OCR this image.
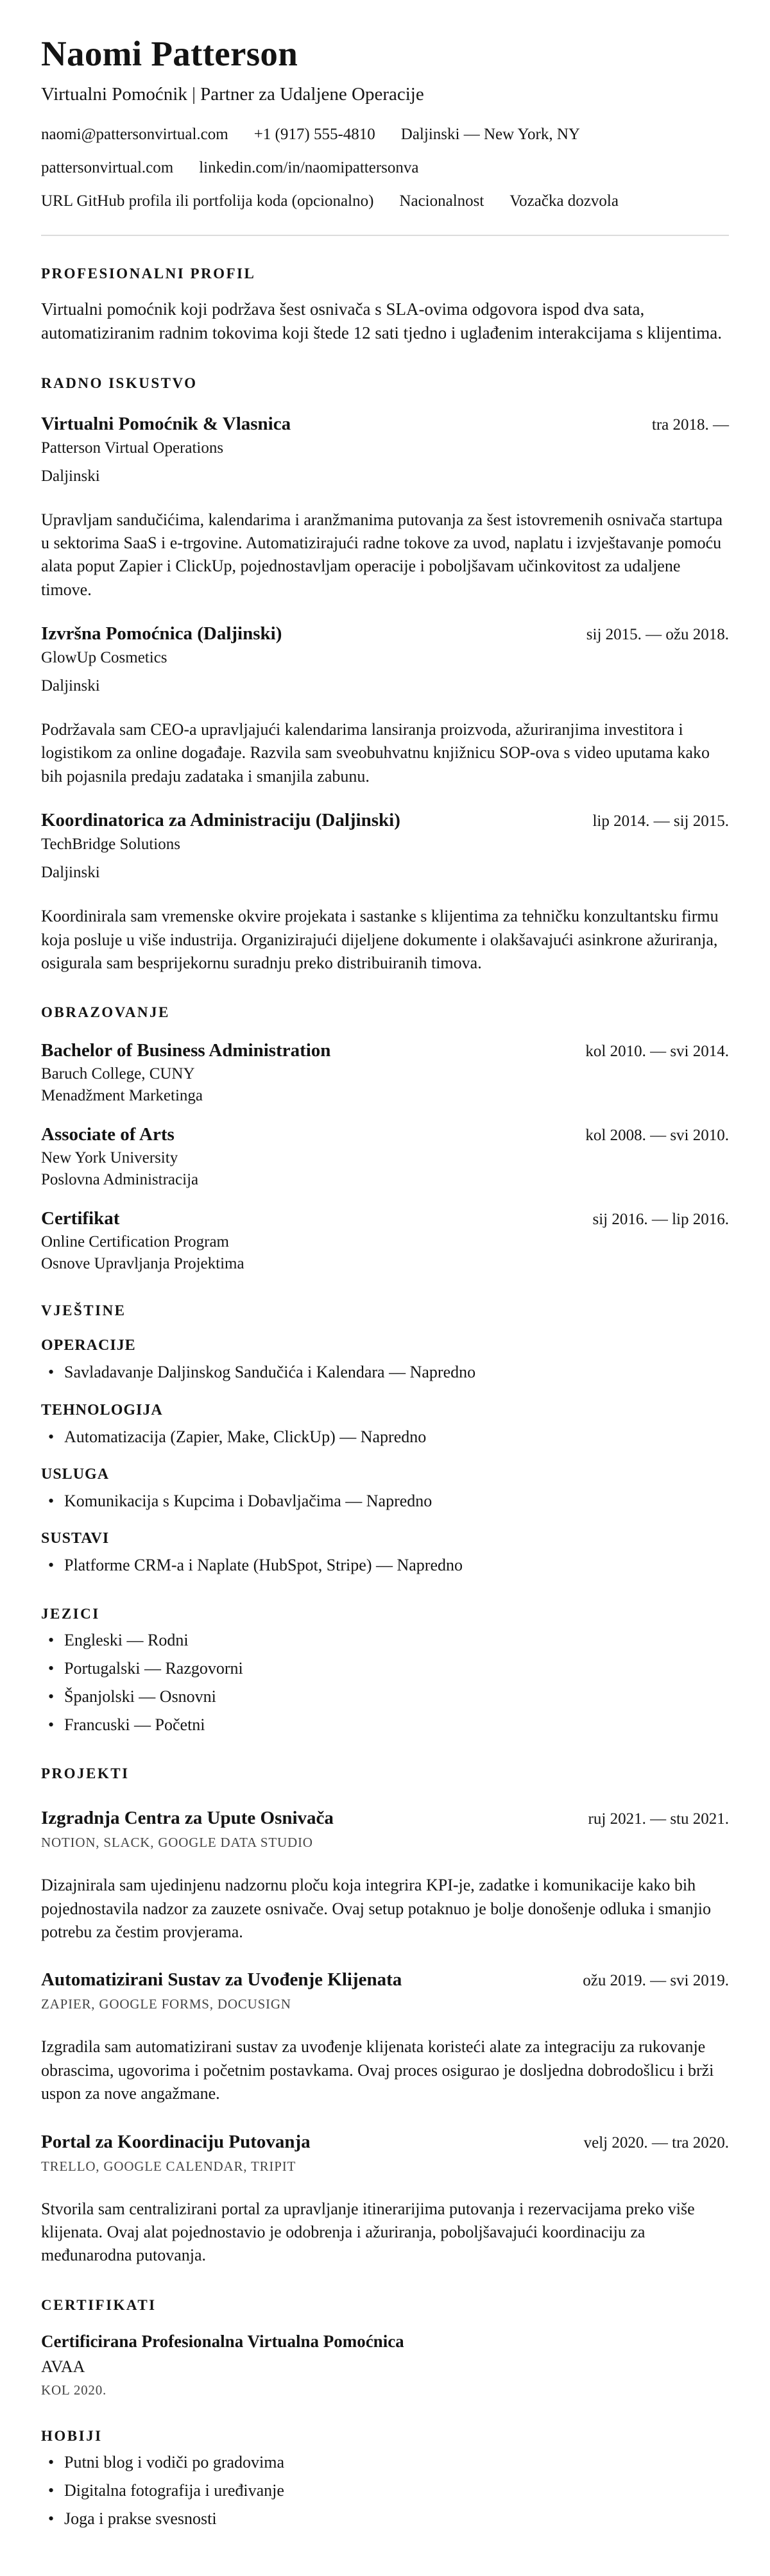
Naomi Patterson

Virtualni Pomoćnik | Partner za Udaljene Operacije

naomi@pattersonvirtual.com +1 (917) 555-4810 Daljinski — New York, NY
pattersonvirtual.com linkedin.com/in/naomipattersonva
URL GitHub profila ili portfolija koda (opcionalno) Nacionalnost Vozačka dozvola
PROFESIONALNI PROFIL

Virtualni pomoćnik koji podržava šest osnivača s SLA-ovima odgovora ispod dva sata, automatiziranim radnim tokovima koji štede 12 sati tjedno i uglađenim interakcijama s klijentima.

RADNO ISKUSTVO
Virtualni Pomoćnik & Vlasnica	tra 2018. —

Patterson Virtual Operations

Daljinski

Upravljam sandučićima, kalendarima i aranžmanima putovanja za šest istovremenih osnivača startupa u sektorima SaaS i e-trgovine. Automatizirajući radne tokove za uvod, naplatu i izvještavanje pomoću alata poput Zapier i ClickUp, pojednostavljam operacije i poboljšavam učinkovitost za udaljene timove.

Izvršna Pomoćnica (Daljinski)	sij 2015. — ožu 2018.

GlowUp Cosmetics

Daljinski

Podržavala sam CEO-a upravljajući kalendarima lansiranja proizvoda, ažuriranjima investitora i logistikom za online događaje. Razvila sam sveobuhvatnu knjižnicu SOP-ova s video uputama kako bih pojasnila predaju zadataka i smanjila zabunu.

Koordinatorica za Administraciju (Daljinski)	lip 2014. — sij 2015.

TechBridge Solutions

Daljinski

Koordinirala sam vremenske okvire projekata i sastanke s klijentima za tehničku konzultantsku firmu koja posluje u više industrija. Organizirajući dijeljene dokumente i olakšavajući asinkrone ažuriranja, osigurala sam besprijekornu suradnju preko distribuiranih timova.

OBRAZOVANJE
Bachelor of Business Administration	kol 2010. — svi 2014.

Baruch College, CUNY

Menadžment Marketinga

Associate of Arts	kol 2008. — svi 2010.

New York University

Poslovna Administracija

Certifikat	sij 2016. — lip 2016.

Online Certification Program

Osnove Upravljanja Projektima

VJEŠTINE
OPERACIJE
• Savladavanje Daljinskog Sandučića i Kalendara — Napredno
TEHNOLOGIJA
• Automatizacija (Zapier, Make, ClickUp) — Napredno
USLUGA
• Komunikacija s Kupcima i Dobavljačima — Napredno
SUSTAVI
• Platforme CRM-a i Naplate (HubSpot, Stripe) — Napredno
JEZICI
• Engleski — Rodni
• Portugalski — Razgovorni
• Španjolski — Osnovni
• Francuski — Početni
PROJEKTI
Izgradnja Centra za Upute Osnivača	ruj 2021. — stu 2021.

NOTION, SLACK, GOOGLE DATA STUDIO

Dizajnirala sam ujedinjenu nadzornu ploču koja integrira KPI-je, zadatke i komunikacije kako bih pojednostavila nadzor za zauzete osnivače. Ovaj setup potaknuo je bolje donošenje odluka i smanjio potrebu za čestim provjerama.

Automatizirani Sustav za Uvođenje Klijenata	ožu 2019. — svi 2019.

ZAPIER, GOOGLE FORMS, DOCUSIGN

Izgradila sam automatizirani sustav za uvođenje klijenata koristeći alate za integraciju za rukovanje obrascima, ugovorima i početnim postavkama. Ovaj proces osigurao je dosljedna dobrodošlicu i brži uspon za nove angažmane.

Portal za Koordinaciju Putovanja	velj 2020. — tra 2020.

TRELLO, GOOGLE CALENDAR, TRIPIT

Stvorila sam centralizirani portal za upravljanje itinerarijima putovanja i rezervacijama preko više klijenata. Ovaj alat pojednostavio je odobrenja i ažuriranja, poboljšavajući koordinaciju za međunarodna putovanja.

CERTIFIKATI
Certificirana Profesionalna Virtualna Pomoćnica

AVAA

KOL 2020.

HOBIJI
• Putni blog i vodiči po gradovima
• Digitalna fotografija i uređivanje
• Joga i prakse svesnosti
